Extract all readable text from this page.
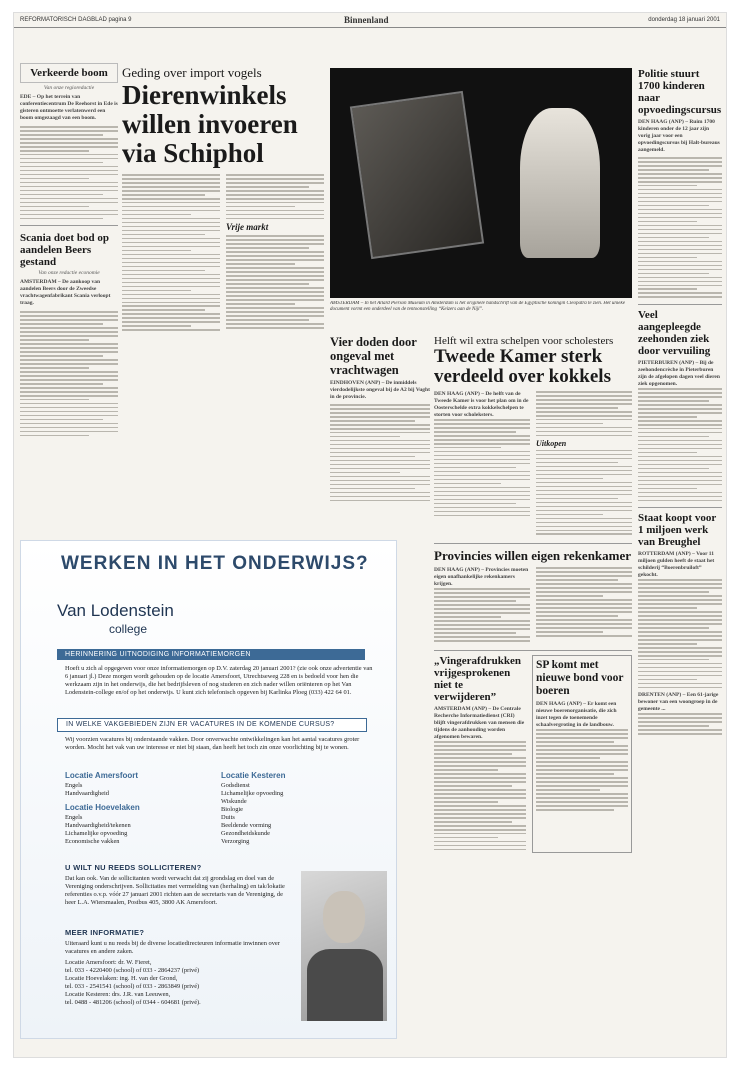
REFORMATORISCH DAGBLAD pagina 9	Binnenland	donderdag 18 januari 2001
Verkeerde boom
Van onze regioredactie

EDE – Op het terrein van conferentiecentrum De Reehorst in Ede is gisteren ontmoette verlatenwerd een boom omgezaagd van een boom.

Scania doet bod op aandelen Beers gestand
Van onze redactie economie

AMSTERDAM – De aankoop van aandelen Beers door de Zweedse vrachtwagenfabrikant Scania verloopt traag.

Geding over import vogels
Dierenwinkels willen invoeren via Schiphol
Vrije markt
AMSTERDAM – In het Allard Pierson Museum in Amsterdam is het originele handschrift van de Egyptische koningin Cleopatra te zien. Het unieke document vormt een onderdeel van de tentoonstelling “Keizers aan de Nijl”.
Vier doden door ongeval met vrachtwagen

EINDHOVEN (ANP) – De inmiddels vierdodelijkste ongeval bij de A2 bij Vught in de provincie.

Helft wil extra schelpen voor scholesters
Tweede Kamer sterk verdeeld over kokkels

DEN HAAG (ANP) – De helft van de Tweede Kamer is voor het plan om in de Oosterschelde extra kokkelschelpen te storten voor scholeksters.

Uitkopen
Provincies willen eigen rekenkamer

DEN HAAG (ANP) – Provincies moeten eigen onafhankelijke rekenkamers krijgen.

„Vingerafdrukken vrijgesprokenen niet te verwijderen”

AMSTERDAM (ANP) – De Centrale Recherche Informatiedienst (CRI) blijft vingerafdrukken van mensen die tijdens de aanhouding worden afgenomen bewaren.

SP komt met nieuwe bond voor boeren

DEN HAAG (ANP) – Er komt een nieuwe boerenorganisatie, die zich inzet tegen de toenemende schaalvergroting in de landbouw.

Politie stuurt 1700 kinderen naar opvoedingscursus

DEN HAAG (ANP) – Ruim 1700 kinderen onder de 12 jaar zijn vorig jaar voor een opvoedingscursus bij Halt-bureaus aangemeld.

Veel aangepleegde zeehonden ziek door vervuiling

PIETERBUREN (ANP) – Bij de zeehondencrèche in Pieterburen zijn de afgelopen dagen veel dieren ziek opgenomen.

Staat koopt voor 1 miljoen werk van Breughel

ROTTERDAM (ANP) – Voor 11 miljoen gulden heeft de staat het schilderij “Boerenbruiloft” gekocht.

DRENTEN (ANP) – Een 61-jarige bewoner van een woongroep in de gemeente ...

WERKEN IN HET ONDERWIJS?
Van Lodenstein
college
HERINNERING UITNODIGING INFORMATIEMORGEN
Hoeft u zich al opgegeven voor onze informatiemorgen op D.V. zaterdag 20 januari 2001? (zie ook onze advertentie van 6 januari jl.) Deze morgen wordt gehouden op de locatie Amersfoort, Utrechtseweg 228 en is bedoeld voor hen die werkzaam zijn in het onderwijs, die het bedrijfsleven of nog studeren en zich nader willen oriënteren op het Van Lodenstein-college en/of op het onderwijs. U kunt zich telefonisch opgeven bij Karlinka Ploeg (033) 422 64 01.
IN WELKE VAKGEBIEDEN ZIJN ER VACATURES IN DE KOMENDE CURSUS?
Wij voorzien vacatures bij onderstaande vakken. Door onverwachte ontwikkelingen kan het aantal vacatures groter worden. Mocht het vak van uw interesse er niet bij staan, dan heeft het toch zin onze voorlichting bij te wonen.
Locatie Amersfoort
Engels
Handvaardigheid
Locatie Hoevelaken
Engels
Handvaardigheid/tekenen
Lichamelijke opvoeding
Economische vakken
Locatie Kesteren
Godsdienst
Lichamelijke opvoeding
Wiskunde
Biologie
Duits
Beeldende vorming
Gezondheidskunde
Verzorging
U WILT NU REEDS SOLLICITEREN?
Dat kan ook. Van de sollicitanten wordt verwacht dat zij grondslag en doel van de Vereniging onderschrijven. Sollicitaties met vermelding van (herhaling) en tak/lokatie referenties o.v.p. vóór 27 januari 2001 richten aan de secretaris van de Vereniging, de heer L.A. Wiersmaalen, Postbus 405, 3800 AK Amersfoort.
MEER INFORMATIE?
Uiteraard kunt u nu reeds bij de diverse locatiedirecteuren informatie inwinnen over vacatures en andere zaken.
Locatie Amersfoort: dr. W. Fieret,
tel. 033 - 4220400 (school) of 033 - 2864237 (privé)
Locatie Hoevelaken: ing. H. van der Grond,
tel. 033 - 2541541 (school) of 033 - 2863849 (privé)
Locatie Kesteren: drs. J.R. van Leeuwen,
tel. 0488 - 481206 (school) of 0344 - 604681 (privé).
